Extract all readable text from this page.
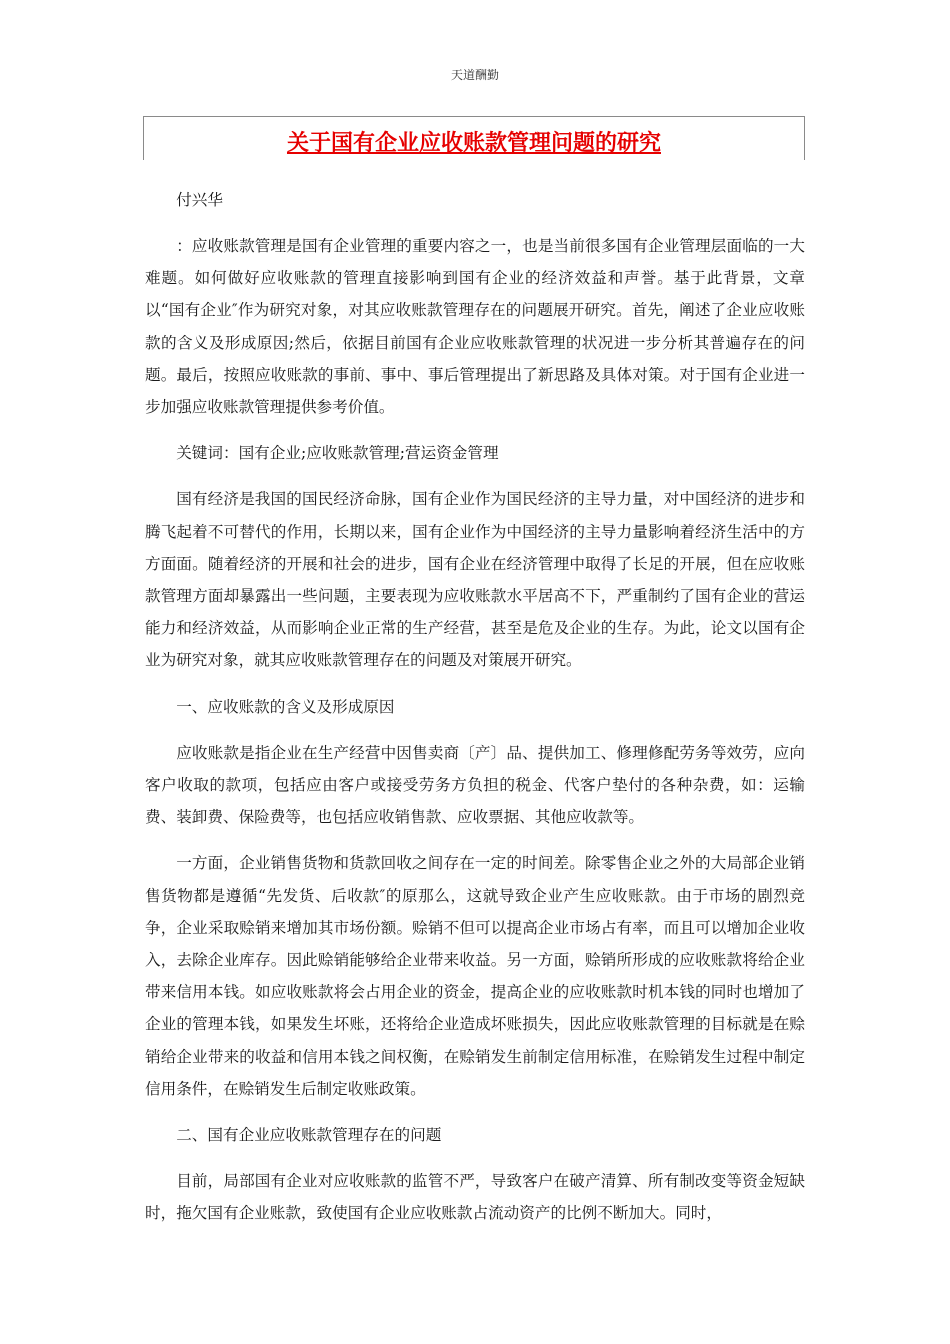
天道酬勤
关于国有企业应收账款管理问题的研究

付兴华

：应收账款管理是国有企业管理的重要内容之一，也是当前很多国有企业管理层面临的一大难题。如何做好应收账款的管理直接影响到国有企业的经济效益和声誉。基于此背景，文章以“国有企业″作为研究对象，对其应收账款管理存在的问题展开研究。首先，阐述了企业应收账款的含义及形成原因;然后，依据目前国有企业应收账款管理的状况进一步分析其普遍存在的问题。最后，按照应收账款的事前、事中、事后管理提出了新思路及具体对策。对于国有企业进一步加强应收账款管理提供参考价值。

关键词：国有企业;应收账款管理;营运资金管理

国有经济是我国的国民经济命脉，国有企业作为国民经济的主导力量，对中国经济的进步和腾飞起着不可替代的作用，长期以来，国有企业作为中国经济的主导力量影响着经济生活中的方方面面。随着经济的开展和社会的进步，国有企业在经济管理中取得了长足的开展，但在应收账款管理方面却暴露出一些问题，主要表现为应收账款水平居高不下，严重制约了国有企业的营运能力和经济效益，从而影响企业正常的生产经营，甚至是危及企业的生存。为此，论文以国有企业为研究对象，就其应收账款管理存在的问题及对策展开研究。

一、应收账款的含义及形成原因

应收账款是指企业在生产经营中因售卖商〔产〕品、提供加工、修理修配劳务等效劳，应向客户收取的款项，包括应由客户或接受劳务方负担的税金、代客户垫付的各种杂费，如：运输费、装卸费、保险费等，也包括应收销售款、应收票据、其他应收款等。

一方面，企业销售货物和货款回收之间存在一定的时间差。除零售企业之外的大局部企业销售货物都是遵循“先发货、后收款″的原那么，这就导致企业产生应收账款。由于市场的剧烈竞争，企业采取赊销来增加其市场份额。赊销不但可以提高企业市场占有率，而且可以增加企业收入，去除企业库存。因此赊销能够给企业带来收益。另一方面，赊销所形成的应收账款将给企业带来信用本钱。如应收账款将会占用企业的资金，提高企业的应收账款时机本钱的同时也增加了企业的管理本钱，如果发生坏账，还将给企业造成坏账损失，因此应收账款管理的目标就是在赊销给企业带来的收益和信用本钱之间权衡，在赊销发生前制定信用标准，在赊销发生过程中制定信用条件，在赊销发生后制定收账政策。

二、国有企业应收账款管理存在的问题

目前，局部国有企业对应收账款的监管不严，导致客户在破产清算、所有制改变等资金短缺时，拖欠国有企业账款，致使国有企业应收账款占流动资产的比例不断加大。同时，
